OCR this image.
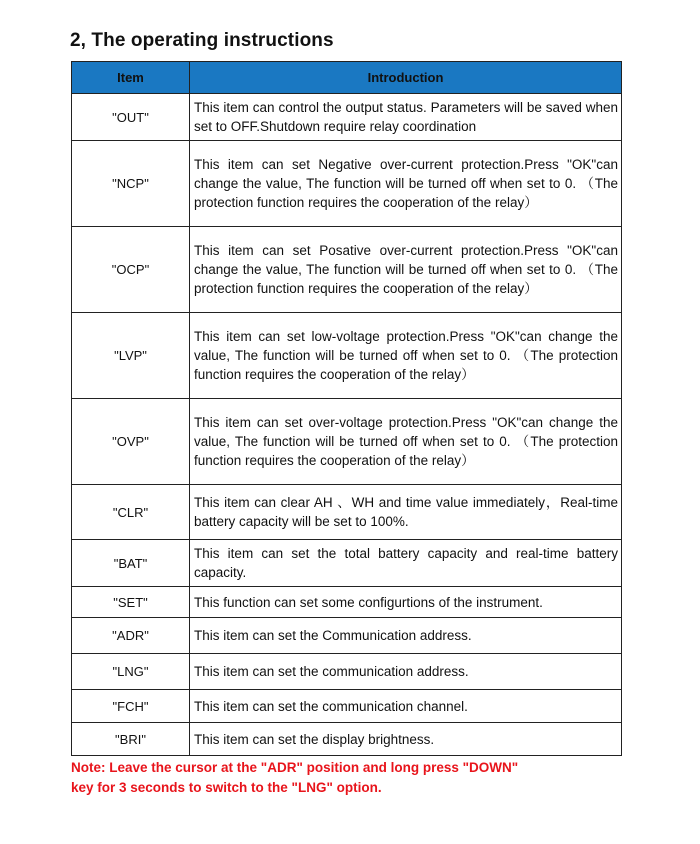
2, The operating instructions
Item	Introduction
"OUT"	This item can control the output status. Parameters will be saved when set to OFF.Shutdown require relay coordination
"NCP"	This item can set Negative over-current protection.Press "OK"can change the value, The function will be turned off when set to 0. （The protection function requires the cooperation of the relay）
"OCP"	This item can set Posative over-current protection.Press "OK"can change the value, The function will be turned off when set to 0. （The protection function requires the cooperation of the relay）
"LVP"	This item can set low-voltage protection.Press "OK"can change the value, The function will be turned off when set to 0. （The protection function requires the cooperation of the relay）
"OVP"	This item can set over-voltage protection.Press "OK"can change the value, The function will be turned off when set to 0. （The protection function requires the cooperation of the relay）
"CLR"	This item can clear AH 、WH and time value immediately，Real-time battery capacity will be set to 100%.
"BAT"	This item can set the total battery capacity and real-time battery capacity.
"SET"	This function can set some configurtions of the instrument.
"ADR"	This item can set the Communication address.
"LNG"	This item can set the communication address.
"FCH"	This item can set the communication channel.
"BRI"	This item can set the display brightness.
Note: Leave the cursor at the "ADR" position and long press "DOWN"
key for 3 seconds to switch to the "LNG" option.
